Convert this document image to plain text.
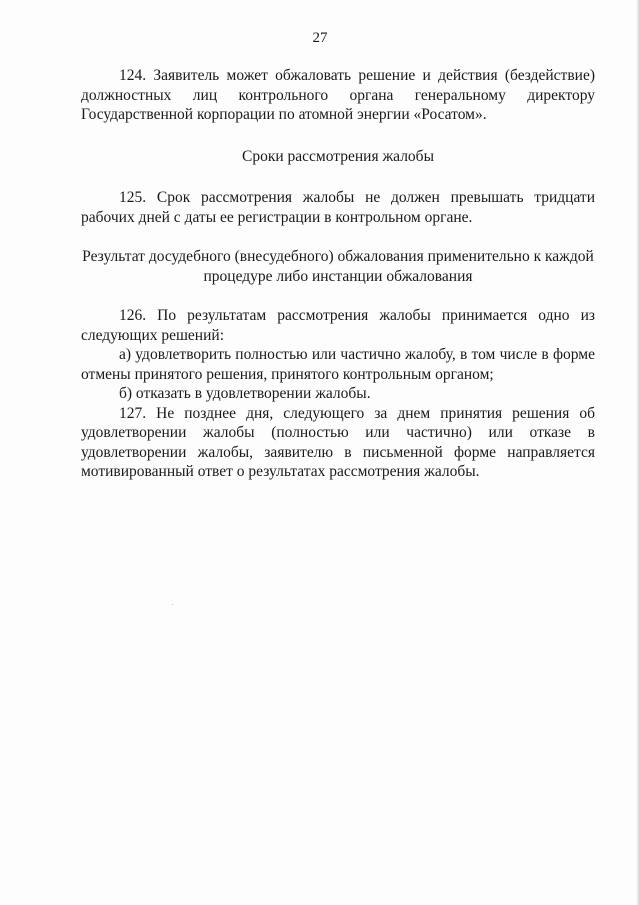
27

124. Заявитель может обжаловать решение и действия (бездействие) должностных лиц контрольного органа генеральному директору Государственной корпорации по атомной энергии «Росатом».

Сроки рассмотрения жалобы

125. Срок рассмотрения жалобы не должен превышать тридцати рабочих дней с даты ее регистрации в контрольном органе.

Результат досудебного (внесудебного) обжалования применительно к каждой процедуре либо инстанции обжалования

126. По результатам рассмотрения жалобы принимается одно из следующих решений:

а) удовлетворить полностью или частично жалобу, в том числе в форме отмены принятого решения, принятого контрольным органом;

б) отказать в удовлетворении жалобы.

127. Не позднее дня, следующего за днем принятия решения об удовлетворении жалобы (полностью или частично) или отказе в удовлетворении жалобы, заявителю в письменной форме направляется мотивированный ответ о результатах рассмотрения жалобы.
